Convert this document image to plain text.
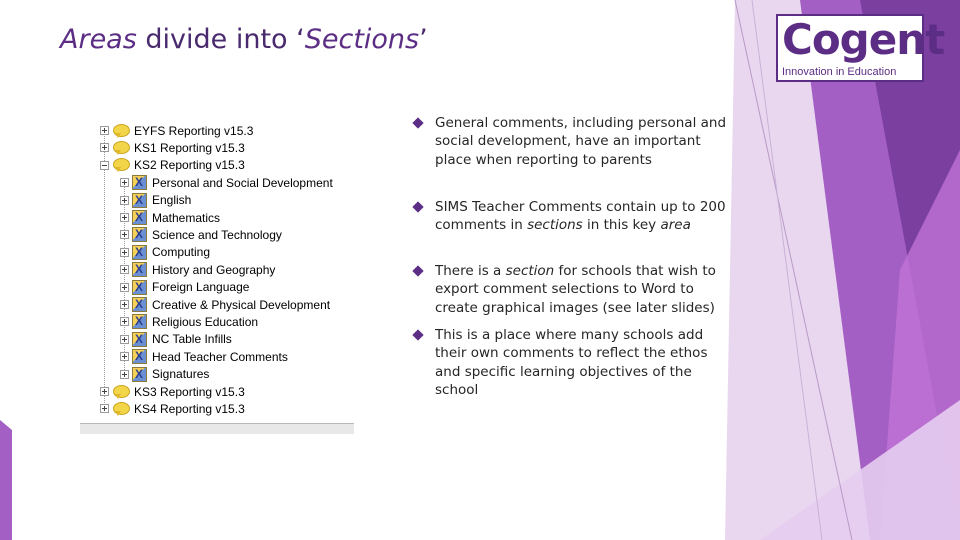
Areas divide into ‘Sections’	Cogent
Innovation in Education
EYFS Reporting v15.3
KS1 Reporting v15.3
KS2 Reporting v15.3
X
Personal and Social Development
X
English
X
Mathematics
X
Science and Technology
X
Computing
X
History and Geography
X
Foreign Language
X
Creative & Physical Development
X
Religious Education
X
NC Table Infills
X
Head Teacher Comments
X
Signatures
KS3 Reporting v15.3
KS4 Reporting v15.3
General comments, including personal and social development, have an important place when reporting to parents
SIMS Teacher Comments contain up to 200 comments in sections in this key area
There is a section for schools that wish to export comment selections to Word to create graphical images (see later slides)
This is a place where many schools add their own comments to reflect the ethos and specific learning objectives of the school
